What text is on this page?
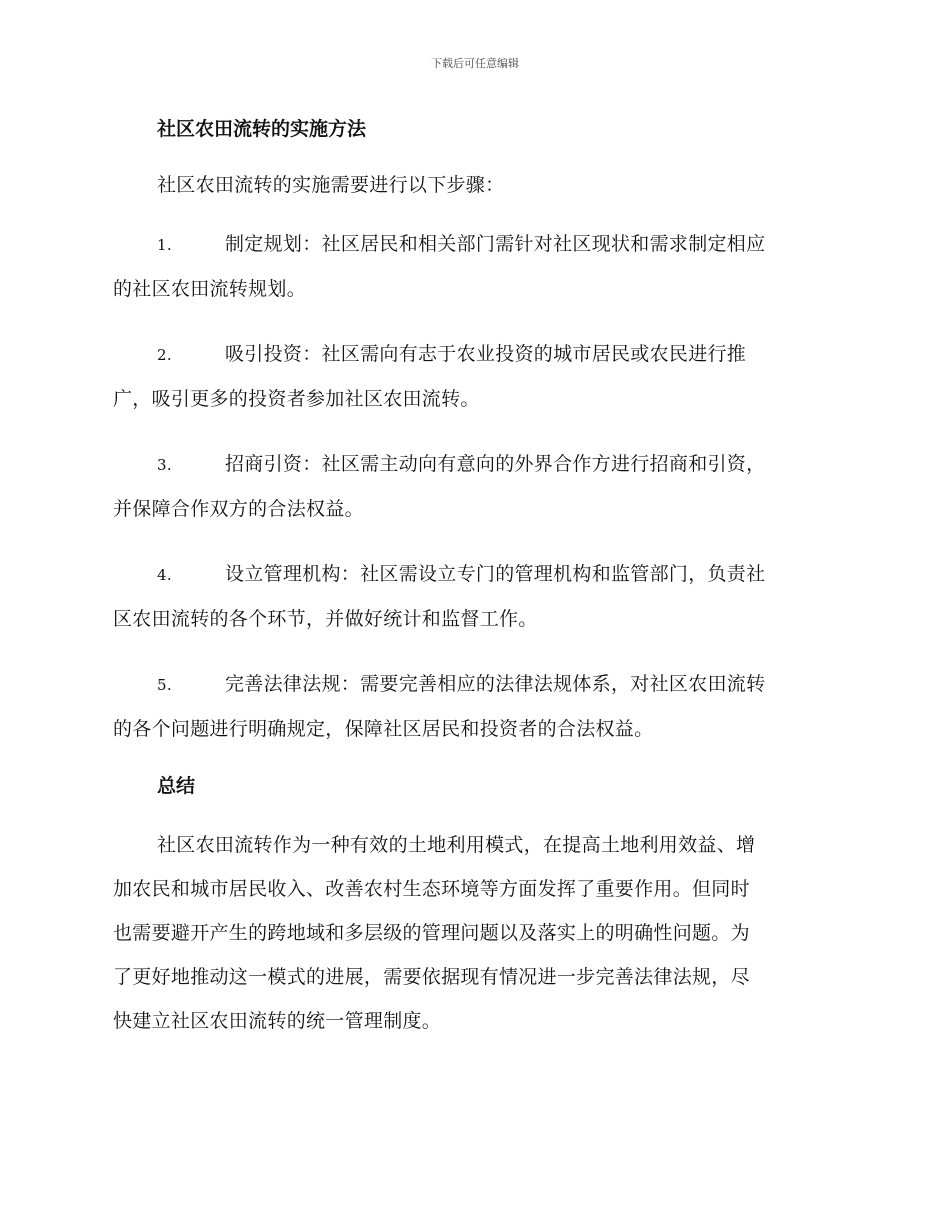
下载后可任意编辑
社区农田流转的实施方法

社区农田流转的实施需要进行以下步骤：

1.	制定规划：社区居民和相关部门需针对社区现状和需求制定相应
的社区农田流转规划。

2.	吸引投资：社区需向有志于农业投资的城市居民或农民进行推
广，吸引更多的投资者参加社区农田流转。

3.	招商引资：社区需主动向有意向的外界合作方进行招商和引资，
并保障合作双方的合法权益。

4.	设立管理机构：社区需设立专门的管理机构和监管部门，负责社
区农田流转的各个环节，并做好统计和监督工作。

5.	完善法律法规：需要完善相应的法律法规体系，对社区农田流转
的各个问题进行明确规定，保障社区居民和投资者的合法权益。

总结

社区农田流转作为一种有效的土地利用模式，在提高土地利用效益、增

加农民和城市居民收入、改善农村生态环境等方面发挥了重要作用。但同时

也需要避开产生的跨地域和多层级的管理问题以及落实上的明确性问题。为

了更好地推动这一模式的进展，需要依据现有情况进一步完善法律法规，尽

快建立社区农田流转的统一管理制度。
